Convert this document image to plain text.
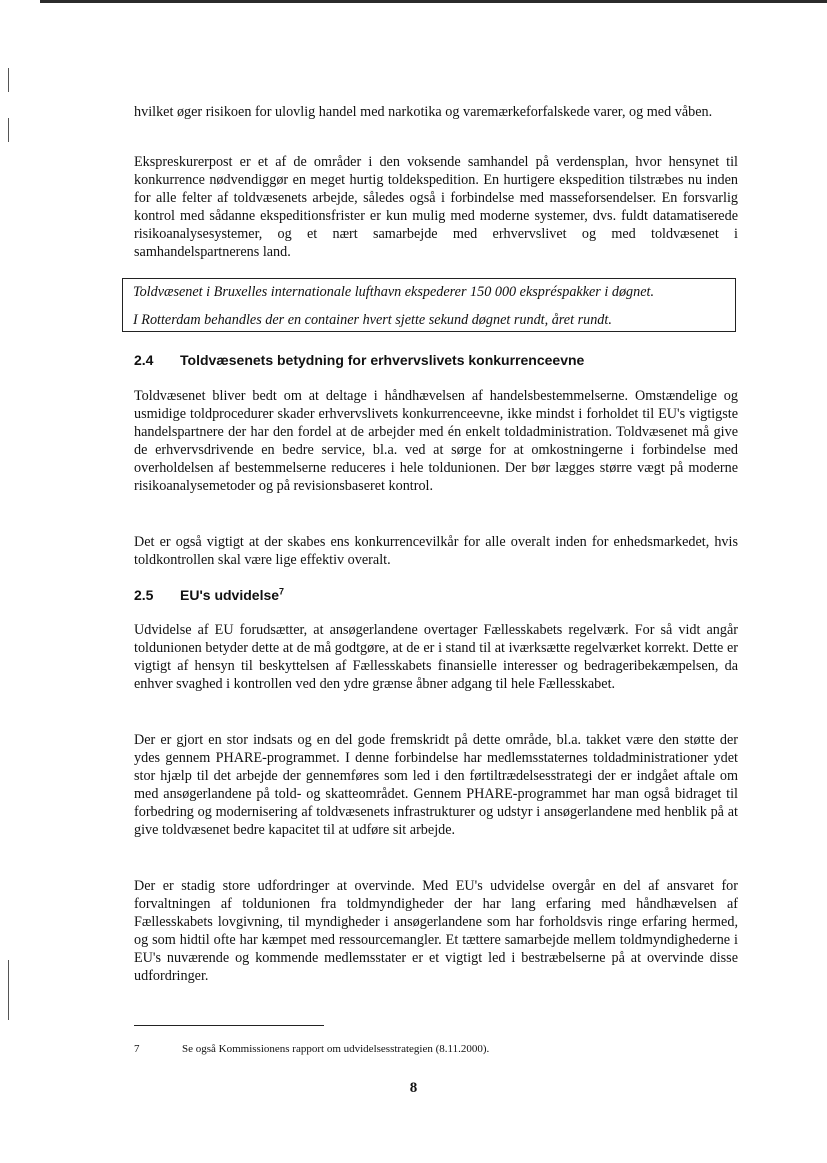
hvilket øger risikoen for ulovlig handel med narkotika og varemærkeforfalskede varer, og med våben.

Ekspreskurerpost er et af de områder i den voksende samhandel på verdensplan, hvor hensynet til konkurrence nødvendiggør en meget hurtig toldekspedition. En hurtigere ekspedition tilstræbes nu inden for alle felter af toldvæsenets arbejde, således også i forbindelse med masseforsendelser. En forsvarlig kontrol med sådanne ekspeditionsfrister er kun mulig med moderne systemer, dvs. fuldt datamatiserede risikoanalysesystemer, og et nært samarbejde med erhvervslivet og med toldvæsenet i samhandelspartnerens land.

Toldvæsenet i Bruxelles internationale lufthavn ekspederer 150 000 ekspréspakker i døgnet.

I Rotterdam behandles der en container hvert sjette sekund døgnet rundt, året rundt.

2.4 Toldvæsenets betydning for erhvervslivets konkurrenceevne

Toldvæsenet bliver bedt om at deltage i håndhævelsen af handelsbestemmelserne. Omstændelige og usmidige toldprocedurer skader erhvervslivets konkurrenceevne, ikke mindst i forholdet til EU's vigtigste handelspartnere der har den fordel at de arbejder med én enkelt toldadministration. Toldvæsenet må give de erhvervsdrivende en bedre service, bl.a. ved at sørge for at omkostningerne i forbindelse med overholdelsen af bestemmelserne reduceres i hele toldunionen. Der bør lægges større vægt på moderne risikoanalysemetoder og på revisionsbaseret kontrol.

Det er også vigtigt at der skabes ens konkurrencevilkår for alle overalt inden for enhedsmarkedet, hvis toldkontrollen skal være lige effektiv overalt.

2.5 EU's udvidelse$^7$

Udvidelse af EU forudsætter, at ansøgerlandene overtager Fællesskabets regelværk. For så vidt angår toldunionen betyder dette at de må godtgøre, at de er i stand til at iværksætte regelværket korrekt. Dette er vigtigt af hensyn til beskyttelsen af Fællesskabets finansielle interesser og bedrageribekæmpelsen, da enhver svaghed i kontrollen ved den ydre grænse åbner adgang til hele Fællesskabet.

Der er gjort en stor indsats og en del gode fremskridt på dette område, bl.a. takket være den støtte der ydes gennem PHARE-programmet. I denne forbindelse har medlemsstaternes toldadministrationer ydet stor hjælp til det arbejde der gennemføres som led i den førtiltrædelsesstrategi der er indgået aftale om med ansøgerlandene på told- og skatteområdet. Gennem PHARE-programmet har man også bidraget til forbedring og modernisering af toldvæsenets infrastrukturer og udstyr i ansøgerlandene med henblik på at give toldvæsenet bedre kapacitet til at udføre sit arbejde.

Der er stadig store udfordringer at overvinde. Med EU's udvidelse overgår en del af ansvaret for forvaltningen af toldunionen fra toldmyndigheder der har lang erfaring med håndhævelsen af Fællesskabets lovgivning, til myndigheder i ansøgerlandene som har forholdsvis ringe erfaring hermed, og som hidtil ofte har kæmpet med ressourcemangler. Et tættere samarbejde mellem toldmyndighederne i EU's nuværende og kommende medlemsstater er et vigtigt led i bestræbelserne på at overvinde disse udfordringer.

7	Se også Kommissionens rapport om udvidelsesstrategien (8.11.2000).

8
